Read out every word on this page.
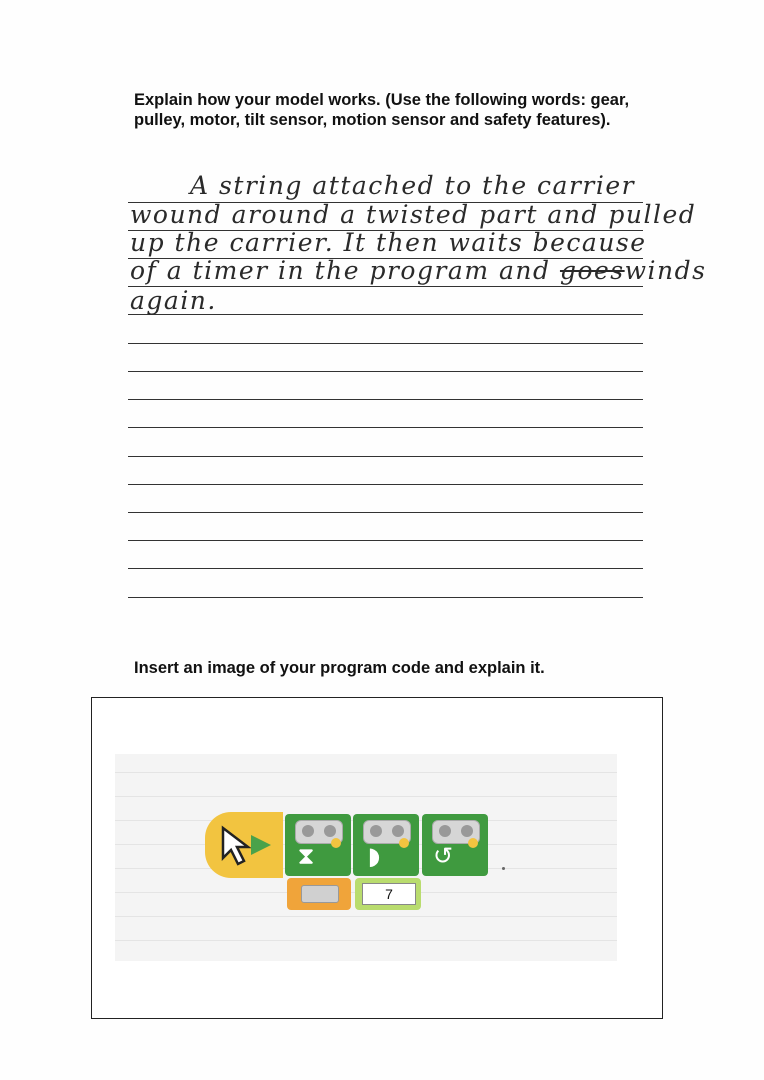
Explain how your model works. (Use the following words: gear, pulley, motor, tilt sensor, motion sensor and safety features).
A string attached to the carrier
wound around a twisted part and pulled
up the carrier. It then waits because
of a timer in the program and goeswinds
again.
Insert an image of your program code and explain it.
⧗ ◗ ↺
7
